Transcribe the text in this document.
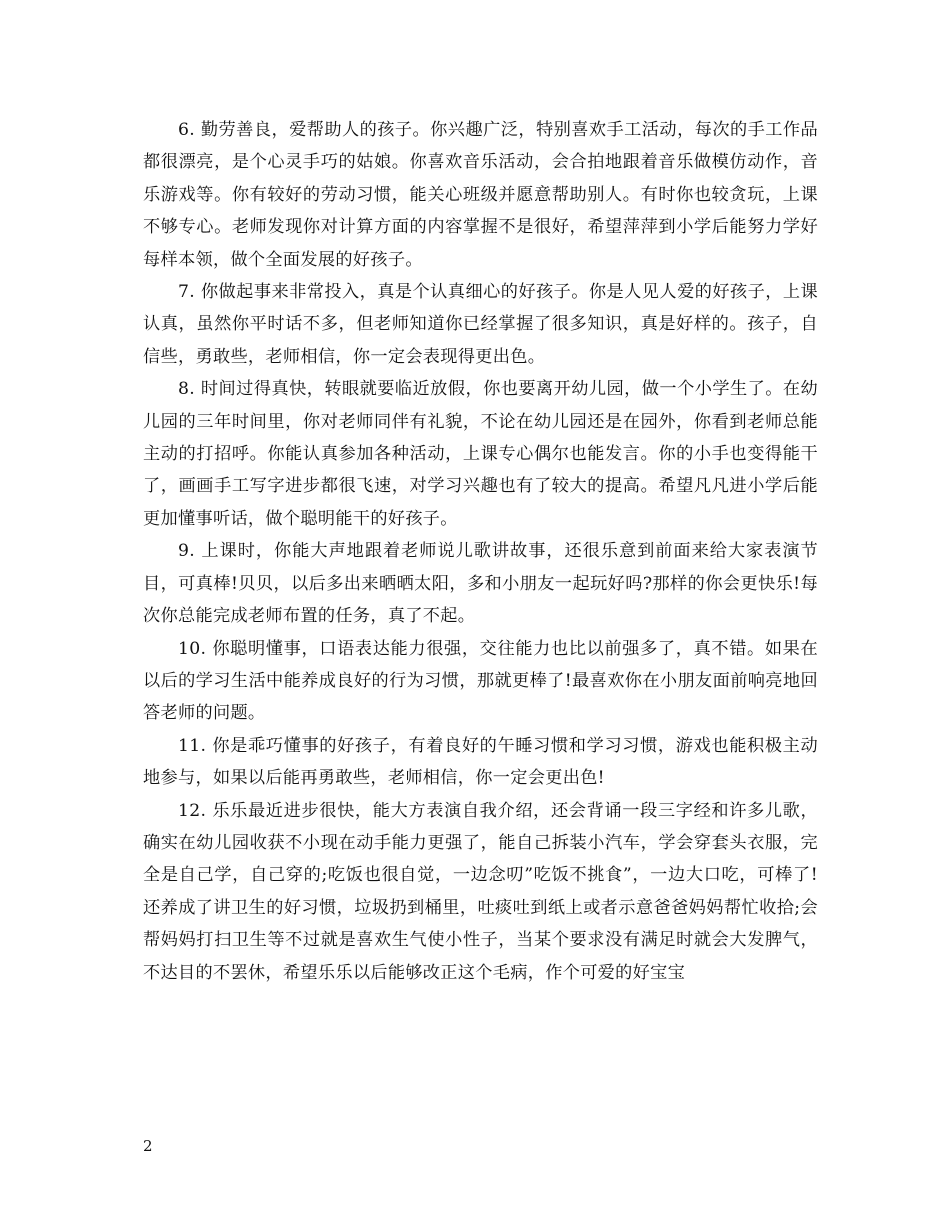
6. 勤劳善良，爱帮助人的孩子。你兴趣广泛，特别喜欢手工活动，每次的手工作品都很漂亮，是个心灵手巧的姑娘。你喜欢音乐活动，会合拍地跟着音乐做模仿动作，音乐游戏等。你有较好的劳动习惯，能关心班级并愿意帮助别人。有时你也较贪玩，上课不够专心。老师发现你对计算方面的内容掌握不是很好，希望萍萍到小学后能努力学好每样本领，做个全面发展的好孩子。

7. 你做起事来非常投入，真是个认真细心的好孩子。你是人见人爱的好孩子，上课认真，虽然你平时话不多，但老师知道你已经掌握了很多知识，真是好样的。孩子，自信些，勇敢些，老师相信，你一定会表现得更出色。

8. 时间过得真快，转眼就要临近放假，你也要离开幼儿园，做一个小学生了。在幼儿园的三年时间里，你对老师同伴有礼貌，不论在幼儿园还是在园外，你看到老师总能主动的打招呼。你能认真参加各种活动，上课专心偶尔也能发言。你的小手也变得能干了，画画手工写字进步都很飞速，对学习兴趣也有了较大的提高。希望凡凡进小学后能更加懂事听话，做个聪明能干的好孩子。

9. 上课时，你能大声地跟着老师说儿歌讲故事，还很乐意到前面来给大家表演节目，可真棒!贝贝，以后多出来晒晒太阳，多和小朋友一起玩好吗?那样的你会更快乐!每次你总能完成老师布置的任务，真了不起。

10. 你聪明懂事，口语表达能力很强，交往能力也比以前强多了，真不错。如果在以后的学习生活中能养成良好的行为习惯，那就更棒了!最喜欢你在小朋友面前响亮地回答老师的问题。

11. 你是乖巧懂事的好孩子，有着良好的午睡习惯和学习习惯，游戏也能积极主动地参与，如果以后能再勇敢些，老师相信，你一定会更出色!

12. 乐乐最近进步很快，能大方表演自我介绍，还会背诵一段三字经和许多儿歌，确实在幼儿园收获不小现在动手能力更强了，能自己拆装小汽车，学会穿套头衣服，完全是自己学，自己穿的;吃饭也很自觉，一边念叨”吃饭不挑食”，一边大口吃，可棒了!还养成了讲卫生的好习惯，垃圾扔到桶里，吐痰吐到纸上或者示意爸爸妈妈帮忙收拾;会帮妈妈打扫卫生等不过就是喜欢生气使小性子，当某个要求没有满足时就会大发脾气，不达目的不罢休，希望乐乐以后能够改正这个毛病，作个可爱的好宝宝

2
